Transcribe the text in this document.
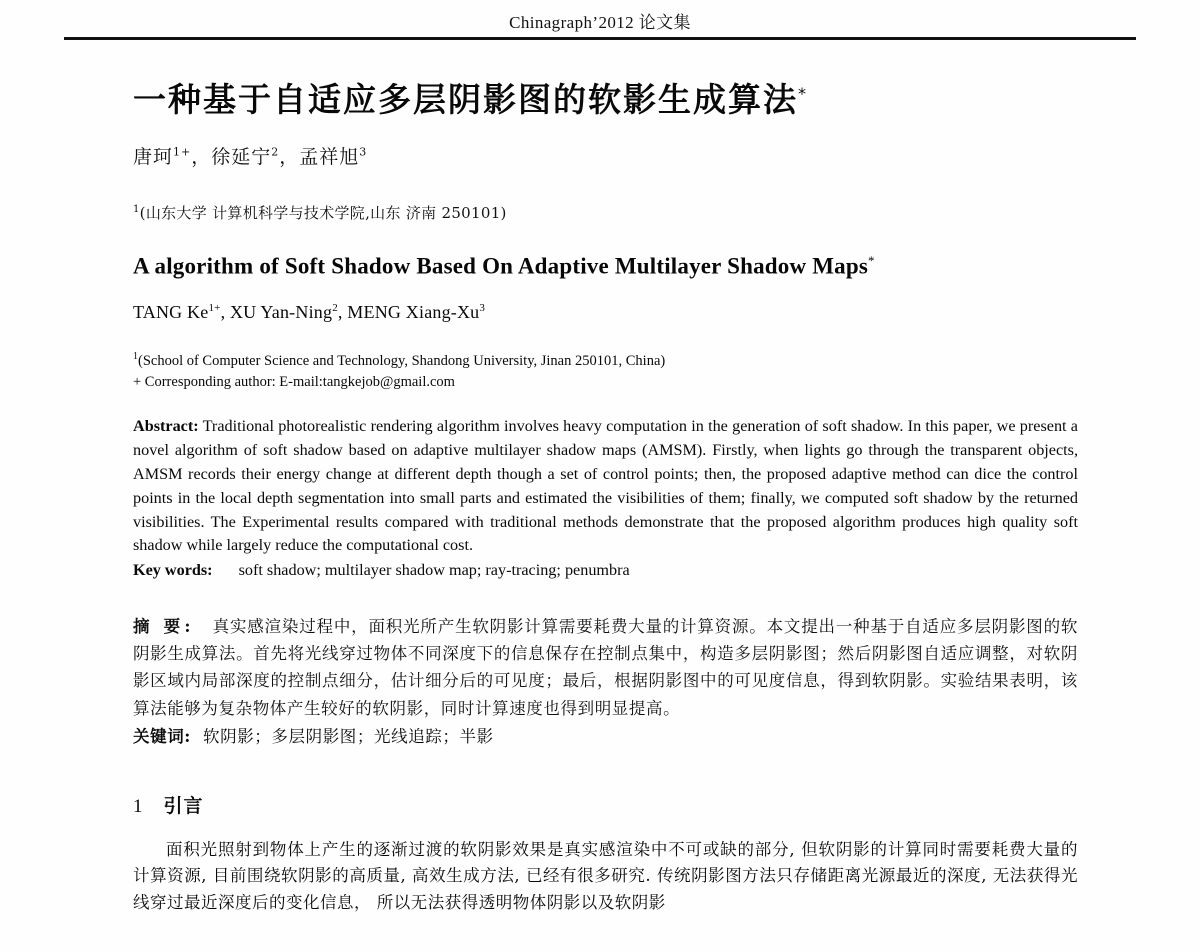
Chinagraph’2012 论文集
一种基于自适应多层阴影图的软影生成算法*
唐珂$^{1+}$，徐延宁$^2$，孟祥旭$^3$
$^1$(山东大学 计算机科学与技术学院,山东 济南 250101)
A algorithm of Soft Shadow Based On Adaptive Multilayer Shadow Maps*
TANG $Ke^{1+}$, XU Yan-Ning$^2$, MENG Xiang-Xu$^3$
$^1$(School of Computer Science and Technology, Shandong University, Jinan 250101, China)
+ Corresponding author: E-mail:tangkejob@gmail.com
Abstract: Traditional photorealistic rendering algorithm involves heavy computation in the generation of soft shadow. In this paper, we present a novel algorithm of soft shadow based on adaptive multilayer shadow maps (AMSM). Firstly, when lights go through the transparent objects, AMSM records their energy change at different depth though a set of control points; then, the proposed adaptive method can dice the control points in the local depth segmentation into small parts and estimated the visibilities of them; finally, we computed soft shadow by the returned visibilities. The Experimental results compared with traditional methods demonstrate that the proposed algorithm produces high quality soft shadow while largely reduce the computational cost.
Key words: soft shadow; multilayer shadow map; ray-tracing; penumbra
摘 要: 真实感渲染过程中，面积光所产生软阴影计算需要耗费大量的计算资源。本文提出一种基于自适应多层阴影图的软阴影生成算法。首先将光线穿过物体不同深度下的信息保存在控制点集中，构造多层阴影图；然后阴影图自适应调整，对软阴影区域内局部深度的控制点细分，估计细分后的可见度；最后，根据阴影图中的可见度信息，得到软阴影。实验结果表明，该算法能够为复杂物体产生较好的软阴影，同时计算速度也得到明显提高。
关键词: 软阴影；多层阴影图；光线追踪；半影
1 引言

面积光照射到物体上产生的逐渐过渡的软阴影效果是真实感渲染中不可或缺的部分, 但软阴影的计算同时需要耗费大量的计算资源, 目前围绕软阴影的高质量, 高效生成方法, 已经有很多研究. 传统阴影图方法只存储距离光源最近的深度, 无法获得光线穿过最近深度后的变化信息， 所以无法获得透明物体阴影以及软阴影
